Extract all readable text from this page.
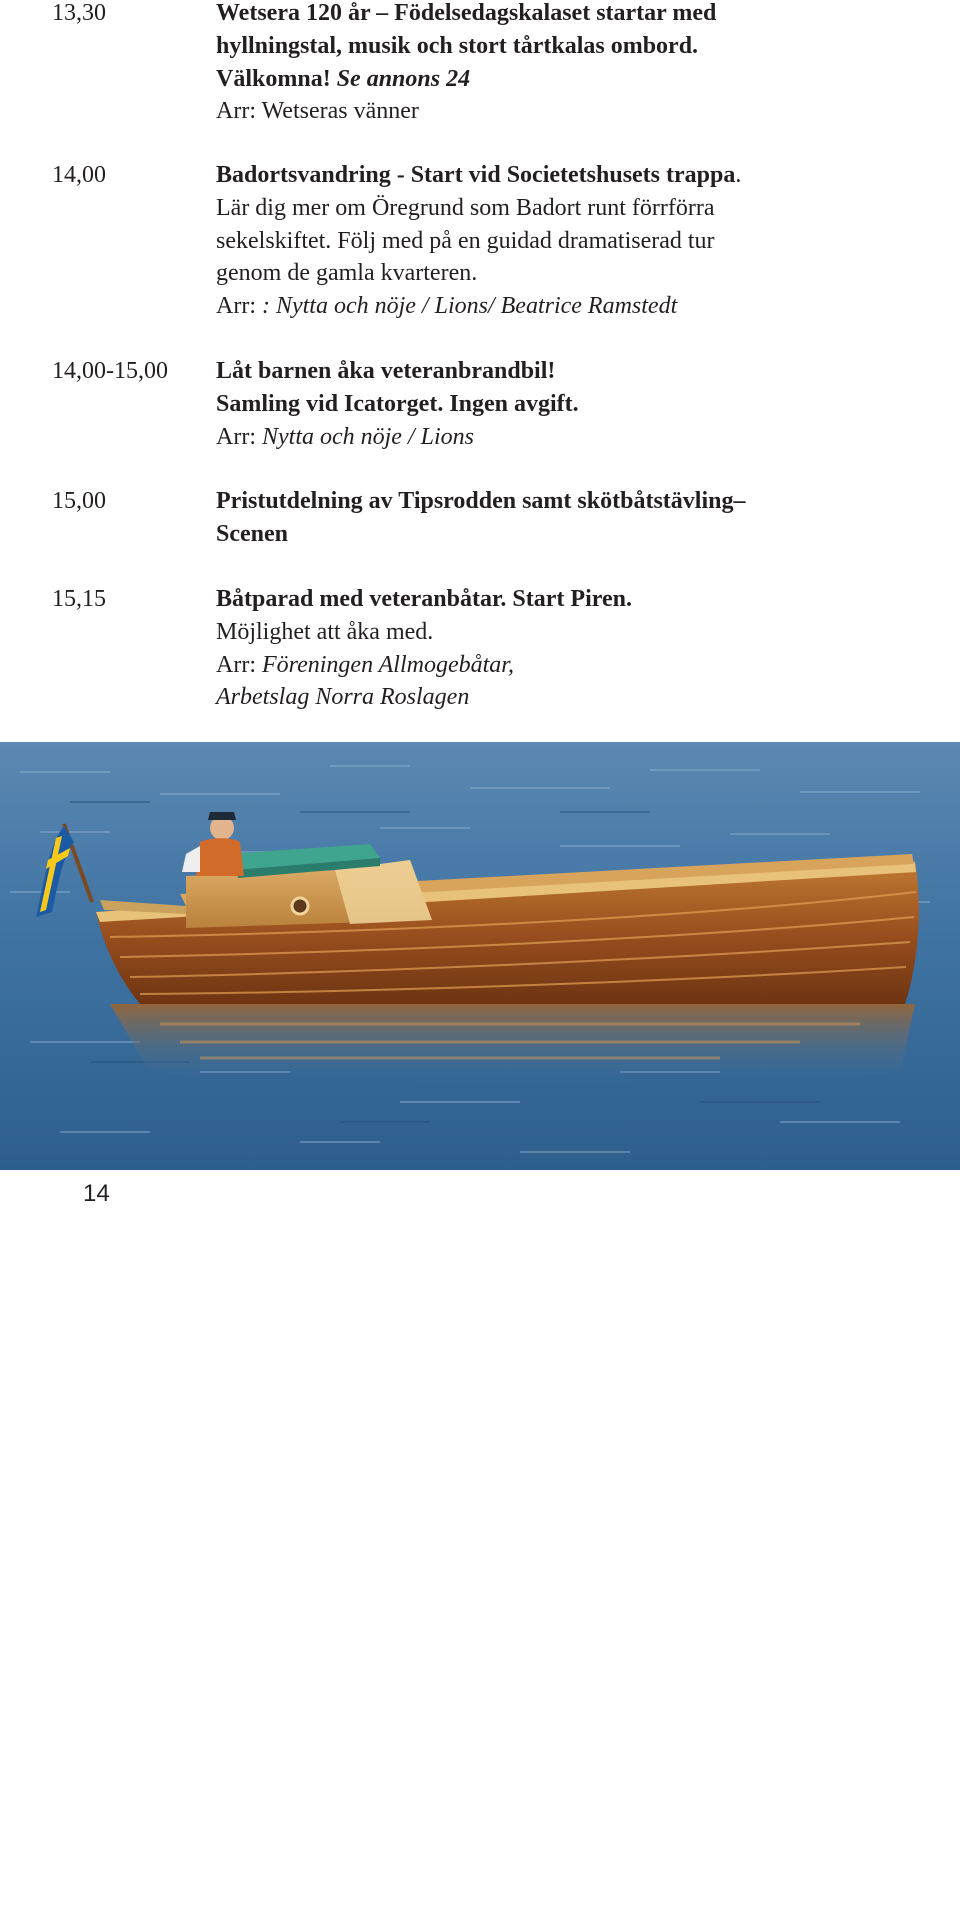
13,30	Wetsera 120 år – Födelsedagskalaset startar med
hyllningstal, musik och stort tårtkalas ombord.
Välkomna! Se annons 24
Arr: Wetseras vänner
14,00	Badortsvandring - Start vid Societetshusets trappa.
Lär dig mer om Öregrund som Badort runt förrförra
sekelskiftet. Följ med på en guidad dramatiserad tur
genom de gamla kvarteren.
Arr: : Nytta och nöje / Lions/ Beatrice Ramstedt
14,00-15,00 Låt barnen åka veteranbrandbil!
Samling vid Icatorget. Ingen avgift.
Arr: Nytta och nöje / Lions
15,00	Pristutdelning av Tipsrodden samt skötbåtstävling–
Scenen
15,15	Båtparad med veteranbåtar. Start Piren.
Möjlighet att åka med.
Arr: Föreningen Allmogebåtar,
Arbetslag Norra Roslagen
foto Bertil Lundström
14
